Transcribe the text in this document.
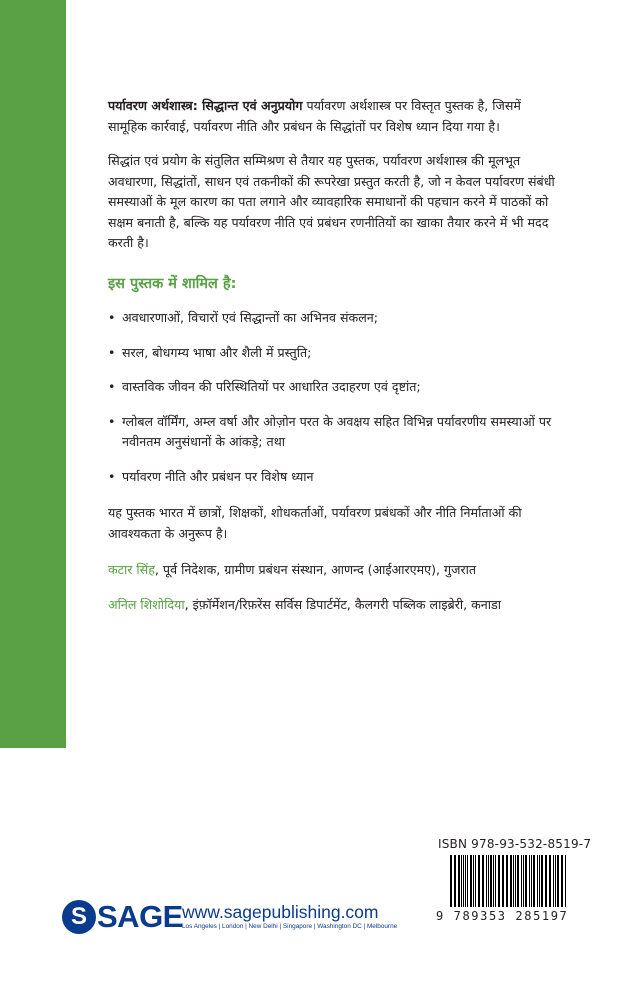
पर्यावरण अर्थशास्त्र: सिद्धान्त एवं अनुप्रयोग पर्यावरण अर्थशास्त्र पर विस्तृत पुस्तक है, जिसमें सामूहिक कार्रवाई, पर्यावरण नीति और प्रबंधन के सिद्धांतों पर विशेष ध्यान दिया गया है।

सिद्धांत एवं प्रयोग के संतुलित सम्मिश्रण से तैयार यह पुस्तक, पर्यावरण अर्थशास्त्र की मूलभूत अवधारणा, सिद्धांतों, साधन एवं तकनीकों की रूपरेखा प्रस्तुत करती है, जो न केवल पर्यावरण संबंधी समस्याओं के मूल कारण का पता लगाने और व्यावहारिक समाधानों की पहचान करने में पाठकों को सक्षम बनाती है, बल्कि यह पर्यावरण नीति एवं प्रबंधन रणनीतियों का खाका तैयार करने में भी मदद करती है।

इस पुस्तक में शामिल है:
• अवधारणाओं, विचारों एवं सिद्धान्तों का अभिनव संकलन;
• सरल, बोधगम्य भाषा और शैली में प्रस्तुति;
• वास्तविक जीवन की परिस्थितियों पर आधारित उदाहरण एवं दृष्टांत;
• ग्लोबल वॉर्मिंग, अम्ल वर्षा और ओज़ोन परत के अवक्षय सहित विभिन्न पर्यावरणीय समस्याओं पर नवीनतम अनुसंधानों के आंकड़े; तथा
• पर्यावरण नीति और प्रबंधन पर विशेष ध्यान

यह पुस्तक भारत में छात्रों, शिक्षकों, शोधकर्ताओं, पर्यावरण प्रबंधकों और नीति निर्माताओं की आवश्यकता के अनुरूप है।

कटार सिंह, पूर्व निदेशक, ग्रामीण प्रबंधन संस्थान, आणन्द (आईआरएमए), गुजरात

अनिल शिशोदिया, इंफ़ॉर्मेशन/रिफ़रेंस सर्विस डिपार्टमेंट, कैलगरी पब्लिक लाइब्रेरी, कनाडा

ISBN 978-93-532-8519-7
9 789353 285197
S SAGE www.sagepublishing.com
Los Angeles | London | New Delhi | Singapore | Washington DC | Melbourne
